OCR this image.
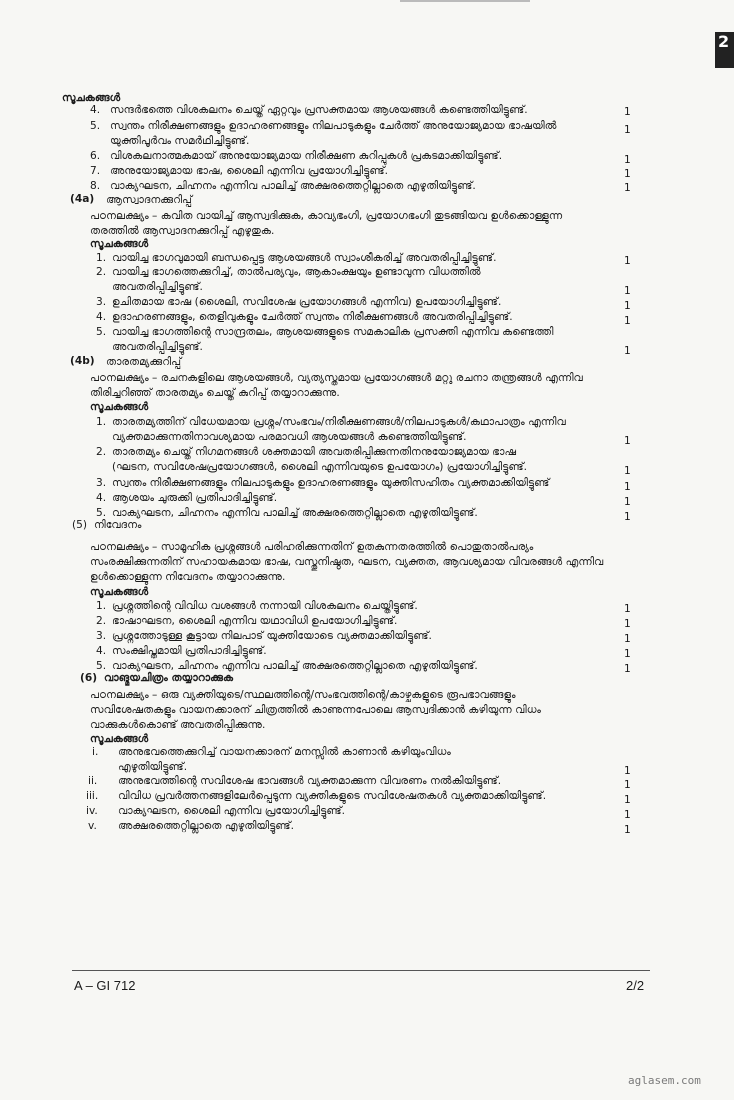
2
സൂചകങ്ങൾ
4. സന്ദർഭത്തെ വിശകലനം ചെയ്ത് ഏറ്റവും പ്രസക്തമായ ആശയങ്ങൾ കണ്ടെത്തിയിട്ടുണ്ട്.	1
5. സ്വന്തം നിരീക്ഷണങ്ങളും ഉദാഹരണങ്ങളും നിലപാടുകളും ചേർത്ത് അനുയോജ്യമായ ഭാഷയിൽ	1
യുക്തിപൂർവം സമർഥിച്ചിട്ടുണ്ട്.
6. വിശകലനാത്മകമായ് അനുയോജ്യമായ നിരീക്ഷണ കുറിപ്പുകൾ പ്രകടമാക്കിയിട്ടുണ്ട്.	1
7. അനുയോജ്യമായ ഭാഷ, ശൈലി എന്നിവ പ്രയോഗിച്ചിട്ടുണ്ട്.	1
8. വാക്യഘടന, ചിഹ്നനം എന്നിവ പാലിച്ച് അക്ഷരത്തെറ്റില്ലാതെ എഴുതിയിട്ടുണ്ട്.	1
(4a) ആസ്വാദനക്കുറിപ്പ്
പഠനലക്ഷ്യം – കവിത വായിച്ച് ആസ്വദിക്കുക, കാവ്യഭംഗി, പ്രയോഗഭംഗി തുടങ്ങിയവ ഉൾക്കൊള്ളുന്ന
തരത്തിൽ ആസ്വാദനക്കുറിപ്പ് എഴുതുക.
സൂചകങ്ങൾ
1. വായിച്ച ഭാഗവുമായി ബന്ധപ്പെട്ട ആശയങ്ങൾ സ്വാംശീകരിച്ച് അവതരിപ്പിച്ചിട്ടുണ്ട്.	1
2. വായിച്ച ഭാഗത്തെക്കുറിച്ച്, താൽപര്യവും, ആകാംക്ഷയും ഉണ്ടാവുന്ന വിധത്തിൽ
അവതരിപ്പിച്ചിട്ടുണ്ട്.	1
3. ഉചിതമായ ഭാഷ (ശൈലി, സവിശേഷ പ്രയോഗങ്ങൾ എന്നിവ) ഉപയോഗിച്ചിട്ടുണ്ട്.	1
4. ഉദാഹരണങ്ങളും, തെളിവുകളും ചേർത്ത് സ്വന്തം നിരീക്ഷണങ്ങൾ അവതരിപ്പിച്ചിട്ടുണ്ട്.	1
5. വായിച്ച ഭാഗത്തിന്റെ സാന്ദ്രതലം, ആശയങ്ങളുടെ സമകാലിക പ്രസക്തി എന്നിവ കണ്ടെത്തി
അവതരിപ്പിച്ചിട്ടുണ്ട്.	1
(4b) താരതമ്യക്കുറിപ്പ്
പഠനലക്ഷ്യം – രചനകളിലെ ആശയങ്ങൾ, വ്യത്യസ്തമായ പ്രയോഗങ്ങൾ മറ്റു രചനാ തന്ത്രങ്ങൾ എന്നിവ
തിരിച്ചറിഞ്ഞ് താരതമ്യം ചെയ്ത് കുറിപ്പ് തയ്യാറാക്കുന്നു.
സൂചകങ്ങൾ
1. താരതമ്യത്തിന് വിധേയമായ പ്രശ്നം/സംഭവം/നിരീക്ഷണങ്ങൾ/നിലപാടുകൾ/കഥാപാത്രം എന്നിവ
വ്യക്തമാക്കുന്നതിനാവശ്യമായ പരമാവധി ആശയങ്ങൾ കണ്ടെത്തിയിട്ടുണ്ട്.	1
2. താരതമ്യം ചെയ്ത് നിഗമനങ്ങൾ ശക്തമായി അവതരിപ്പിക്കുന്നതിനനുയോജ്യമായ ഭാഷ
(ഘടന, സവിശേഷപ്രയോഗങ്ങൾ, ശൈലി എന്നിവയുടെ ഉപയോഗം) പ്രയോഗിച്ചിട്ടുണ്ട്.	1
3. സ്വന്തം നിരീക്ഷണങ്ങളും നിലപാടുകളും ഉദാഹരണങ്ങളും യുക്തിസഹിതം വ്യക്തമാക്കിയിട്ടുണ്ട്	1
4. ആശയം ചുരുക്കി പ്രതിപാദിച്ചിട്ടുണ്ട്.	1
5. വാക്യഘടന, ചിഹ്നനം എന്നിവ പാലിച്ച് അക്ഷരത്തെറ്റില്ലാതെ എഴുതിയിട്ടുണ്ട്.	1
(5) നിവേദനം
പഠനലക്ഷ്യം – സാമൂഹിക പ്രശ്നങ്ങൾ പരിഹരിക്കുന്നതിന് ഉതകുന്നതരത്തിൽ പൊതുതാൽപര്യം
സംരക്ഷിക്കുന്നതിന് സഹായകമായ ഭാഷ, വസ്തുനിഷ്ഠത, ഘടന, വ്യക്തത, ആവശ്യമായ വിവരങ്ങൾ എന്നിവ
ഉൾക്കൊള്ളുന്ന നിവേദനം തയ്യാറാക്കുന്നു.
സൂചകങ്ങൾ
1. പ്രശ്നത്തിന്റെ വിവിധ വശങ്ങൾ നന്നായി വിശകലനം ചെയ്തിട്ടുണ്ട്.	1
2. ഭാഷാഘടന, ശൈലി എന്നിവ യഥാവിധി ഉപയോഗിച്ചിട്ടുണ്ട്.	1
3. പ്രശ്നത്തോടുള്ള കൂട്ടായ നിലപാട് യുക്തിയോടെ വ്യക്തമാക്കിയിട്ടുണ്ട്.	1
4. സംക്ഷിപ്തമായി പ്രതിപാദിച്ചിട്ടുണ്ട്.	1
5. വാക്യഘടന, ചിഹ്നനം എന്നിവ പാലിച്ച് അക്ഷരത്തെറ്റില്ലാതെ എഴുതിയിട്ടുണ്ട്.	1
(6) വാങ്മയചിത്രം തയ്യാറാക്കുക
പഠനലക്ഷ്യം – ഒരു വ്യക്തിയുടെ/സ്ഥലത്തിന്റെ/സംഭവത്തിന്റെ/കാഴ്ചകളുടെ രൂപഭാവങ്ങളും
സവിശേഷതകളും വായനക്കാരന് ചിത്രത്തിൽ കാണുന്നപോലെ ആസ്വദിക്കാൻ കഴിയുന്ന വിധം
വാക്കുകൾകൊണ്ട് അവതരിപ്പിക്കുന്നു.
സൂചകങ്ങൾ
i. അനുഭവത്തെക്കുറിച്ച് വായനക്കാരന് മനസ്സിൽ കാണാൻ കഴിയുംവിധം
എഴുതിയിട്ടുണ്ട്.	1
ii. അനുഭവത്തിന്റെ സവിശേഷ ഭാവങ്ങൾ വ്യക്തമാക്കുന്ന വിവരണം നൽകിയിട്ടുണ്ട്.	1
iii. വിവിധ പ്രവർത്തനങ്ങളിലേർപ്പെടുന്ന വ്യക്തികളുടെ സവിശേഷതകൾ വ്യക്തമാക്കിയിട്ടുണ്ട്.	1
iv. വാക്യഘടന, ശൈലി എന്നിവ പ്രയോഗിച്ചിട്ടുണ്ട്.	1
v. അക്ഷരത്തെറ്റില്ലാതെ എഴുതിയിട്ടുണ്ട്.	1
A – GI 712	2/2
aglasem.com
